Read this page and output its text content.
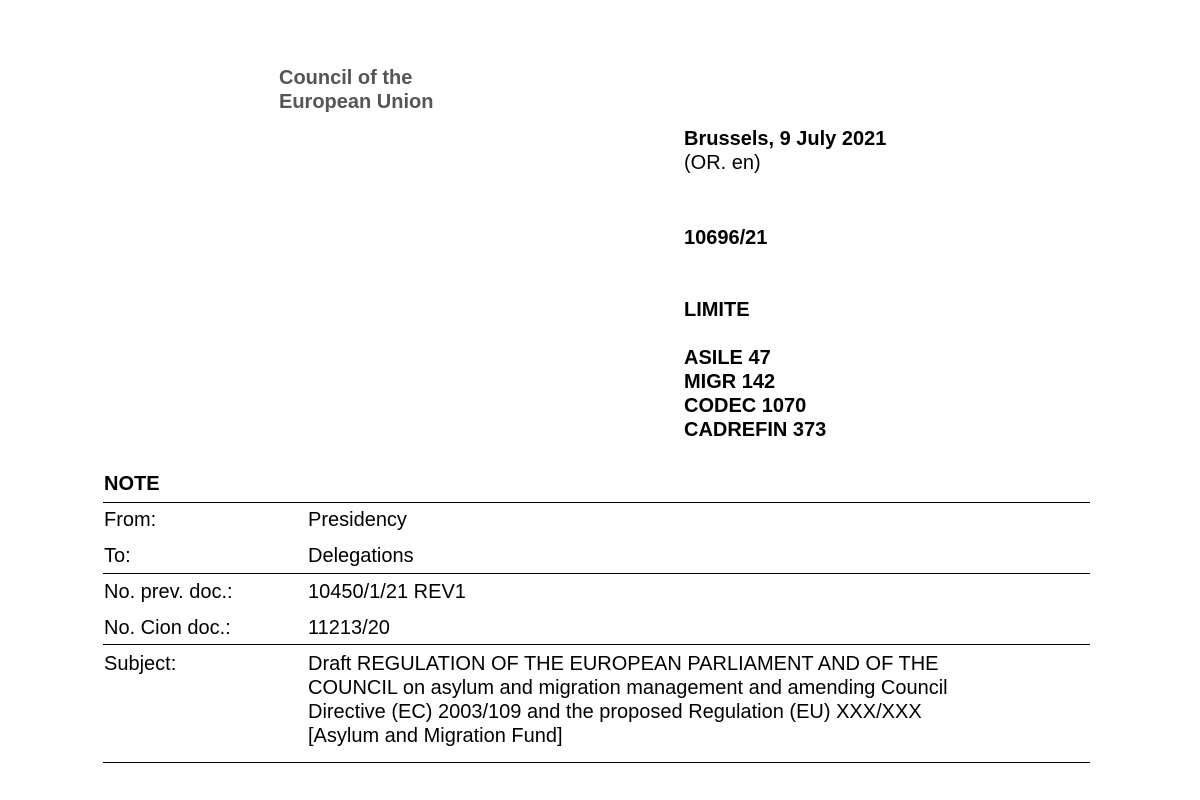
Council of the
European Union
Brussels, 9 July 2021
(OR. en)
10696/21
LIMITE
ASILE 47
MIGR 142
CODEC 1070
CADREFIN 373
NOTE
From:	Presidency
To:	Delegations
No. prev. doc.:	10450/1/21 REV1
No. Cion doc.:	11213/20
Subject:	Draft REGULATION OF THE EUROPEAN PARLIAMENT AND OF THE
COUNCIL on asylum and migration management and amending Council
Directive (EC) 2003/109 and the proposed Regulation (EU) XXX/XXX
[Asylum and Migration Fund]
